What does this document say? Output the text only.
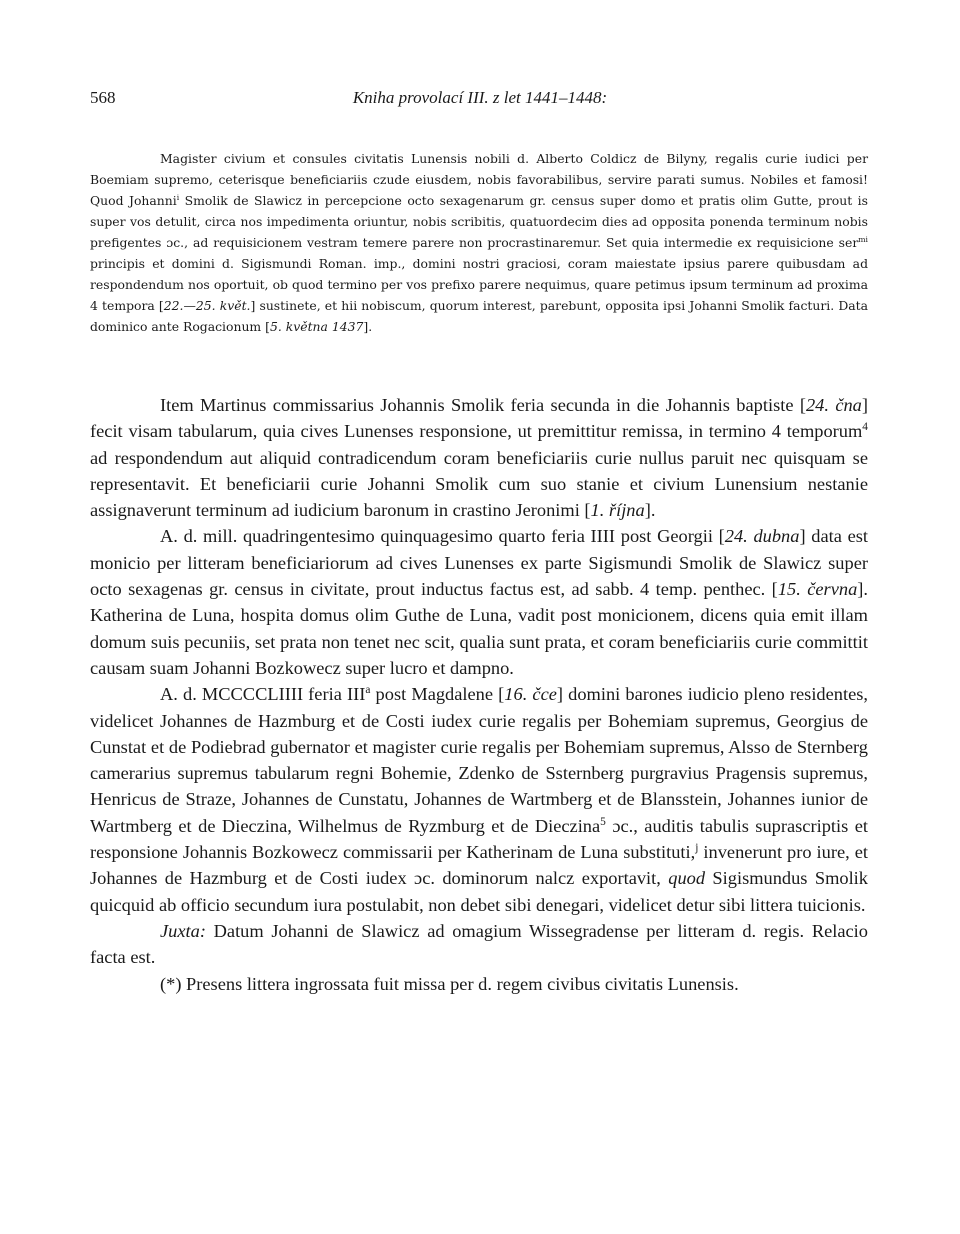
568	Kniha provolací III. z let 1441–1448:

Magister civium et consules civitatis Lunensis nobili d. Alberto Coldicz de Bilyny, regalis curie iudici per Boemiam supremo, ceterisque beneficiariis czude eiusdem, nobis favorabilibus, servire parati sumus. Nobiles et famosi! Quod Johanni$^i$ Smolik de Slawicz in percepcione octo sexagenarum gr. census super domo et pratis olim Gutte, prout is super vos detulit, circa nos impedimenta oriuntur, nobis scribitis, quatuordecim dies ad opposita ponenda terminum nobis prefigentes ɔc., ad requisicionem vestram temere parere non procrastinaremur. Set quia intermedie ex requisicione ser$^{mi}$ principis et domini d. Sigismundi Roman. imp., domini nostri graciosi, coram maiestate ipsius parere quibusdam ad respondendum nos oportuit, ob quod termino per vos prefixo parere nequimus, quare petimus ipsum terminum ad proxima 4 tempora [22.—25. květ.] sustinete, et hii nobiscum, quorum interest, parebunt, opposita ipsi Johanni Smolik facturi. Data dominico ante Rogacionum [5. května 1437].

Item Martinus commissarius Johannis Smolik feria secunda in die Johannis baptiste [24. čna] fecit visam tabularum, quia cives Lunenses responsione, ut premittitur remissa, in termino 4 temporum$^4$ ad respondendum aut aliquid contradicendum coram beneficiariis curie nullus paruit nec quisquam se representavit. Et beneficiarii curie Johanni Smolik cum suo stanie et civium Lunensium nestanie assignaverunt terminum ad iudicium baronum in crastino Jeronimi [1. října].

A. d. mill. quadringentesimo quinquagesimo quarto feria IIII post Georgii [24. dubna] data est monicio per litteram beneficiariorum ad cives Lunenses ex parte Sigismundi Smolik de Slawicz super octo sexagenas gr. census in civitate, prout inductus factus est, ad sabb. 4 temp. penthec. [15. června]. Katherina de Luna, hospita domus olim Guthe de Luna, vadit post monicionem, dicens quia emit illam domum suis pecuniis, set prata non tenet nec scit, qualia sunt prata, et coram beneficiariis curie committit causam suam Johanni Bozkowecz super lucro et dampno.

A. d. MCCCCLIIII feria III$^a$ post Magdalene [16. čce] domini barones iudicio pleno residentes, videlicet Johannes de Hazmburg et de Costi iudex curie regalis per Bohemiam supremus, Georgius de Cunstat et de Podiebrad gubernator et magister curie regalis per Bohemiam supremus, Alsso de Sternberg camerarius supremus tabularum regni Bohemie, Zdenko de Ssternberg purgravius Pragensis supremus, Henricus de Straze, Johannes de Cunstatu, Johannes de Wartmberg et de Blansstein, Johannes iunior de Wartmberg et de Dieczina, Wilhelmus de Ryzmburg et de Dieczina$^5$ ɔc., auditis tabulis suprascriptis et responsione Johannis Bozkowecz commissarii per Katherinam de Luna substituti,$^j$ invenerunt pro iure, et Johannes de Hazmburg et de Costi iudex ɔc. dominorum nalcz exportavit, quod Sigismundus Smolik quicquid ab officio secundum iura postulabit, non debet sibi denegari, videlicet detur sibi littera tuicionis.

Juxta: Datum Johanni de Slawicz ad omagium Wissegradense per litteram d. regis. Relacio facta est.

(*) Presens littera ingrossata fuit missa per d. regem civibus civitatis Lunensis.
